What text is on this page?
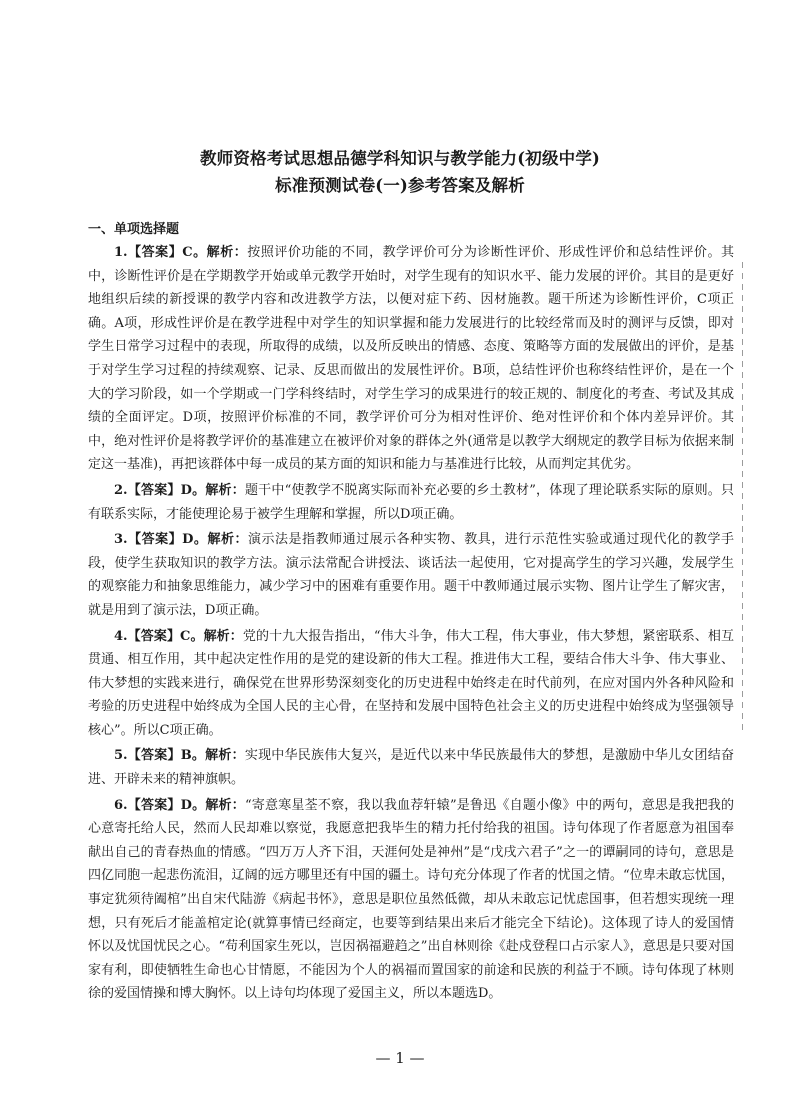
教师资格考试思想品德学科知识与教学能力(初级中学)
标准预测试卷(一)参考答案及解析

一、单项选择题

1.【答案】C。解析：按照评价功能的不同，教学评价可分为诊断性评价、形成性评价和总结性评价。其中，诊断性评价是在学期教学开始或单元教学开始时，对学生现有的知识水平、能力发展的评价。其目的是更好地组织后续的新授课的教学内容和改进教学方法，以便对症下药、因材施教。题干所述为诊断性评价，C项正确。A项，形成性评价是在教学进程中对学生的知识掌握和能力发展进行的比较经常而及时的测评与反馈，即对学生日常学习过程中的表现，所取得的成绩，以及所反映出的情感、态度、策略等方面的发展做出的评价，是基于对学生学习过程的持续观察、记录、反思而做出的发展性评价。B项，总结性评价也称终结性评价，是在一个大的学习阶段，如一个学期或一门学科终结时，对学生学习的成果进行的较正规的、制度化的考查、考试及其成绩的全面评定。D项，按照评价标准的不同，教学评价可分为相对性评价、绝对性评价和个体内差异评价。其中，绝对性评价是将教学评价的基准建立在被评价对象的群体之外(通常是以教学大纲规定的教学目标为依据来制定这一基准)，再把该群体中每一成员的某方面的知识和能力与基准进行比较，从而判定其优劣。

2.【答案】D。解析：题干中“使教学不脱离实际而补充必要的乡土教材”，体现了理论联系实际的原则。只有联系实际，才能使理论易于被学生理解和掌握，所以D项正确。

3.【答案】D。解析：演示法是指教师通过展示各种实物、教具，进行示范性实验或通过现代化的教学手段，使学生获取知识的教学方法。演示法常配合讲授法、谈话法一起使用，它对提高学生的学习兴趣，发展学生的观察能力和抽象思维能力，减少学习中的困难有重要作用。题干中教师通过展示实物、图片让学生了解灾害，就是用到了演示法，D项正确。

4.【答案】C。解析：党的十九大报告指出，“伟大斗争，伟大工程，伟大事业，伟大梦想，紧密联系、相互贯通、相互作用，其中起决定性作用的是党的建设新的伟大工程。推进伟大工程，要结合伟大斗争、伟大事业、伟大梦想的实践来进行，确保党在世界形势深刻变化的历史进程中始终走在时代前列，在应对国内外各种风险和考验的历史进程中始终成为全国人民的主心骨，在坚持和发展中国特色社会主义的历史进程中始终成为坚强领导核心”。所以C项正确。

5.【答案】B。解析：实现中华民族伟大复兴，是近代以来中华民族最伟大的梦想，是激励中华儿女团结奋进、开辟未来的精神旗帜。

6.【答案】D。解析：“寄意寒星荃不察，我以我血荐轩辕”是鲁迅《自题小像》中的两句，意思是我把我的心意寄托给人民，然而人民却难以察觉，我愿意把我毕生的精力托付给我的祖国。诗句体现了作者愿意为祖国奉献出自己的青春热血的情感。“四万万人齐下泪，天涯何处是神州”是“戊戌六君子”之一的谭嗣同的诗句，意思是四亿同胞一起悲伤流泪，辽阔的远方哪里还有中国的疆土。诗句充分体现了作者的忧国之情。“位卑未敢忘忧国，事定犹须待阖棺”出自宋代陆游《病起书怀》，意思是职位虽然低微，却从未敢忘记忧虑国事，但若想实现统一理想，只有死后才能盖棺定论(就算事情已经商定，也要等到结果出来后才能完全下结论)。这体现了诗人的爱国情怀以及忧国忧民之心。“苟利国家生死以，岂因祸福避趋之”出自林则徐《赴戍登程口占示家人》，意思是只要对国家有利，即使牺牲生命也心甘情愿，不能因为个人的祸福而置国家的前途和民族的利益于不顾。诗句体现了林则徐的爱国情操和博大胸怀。以上诗句均体现了爱国主义，所以本题选D。

— 1 —
